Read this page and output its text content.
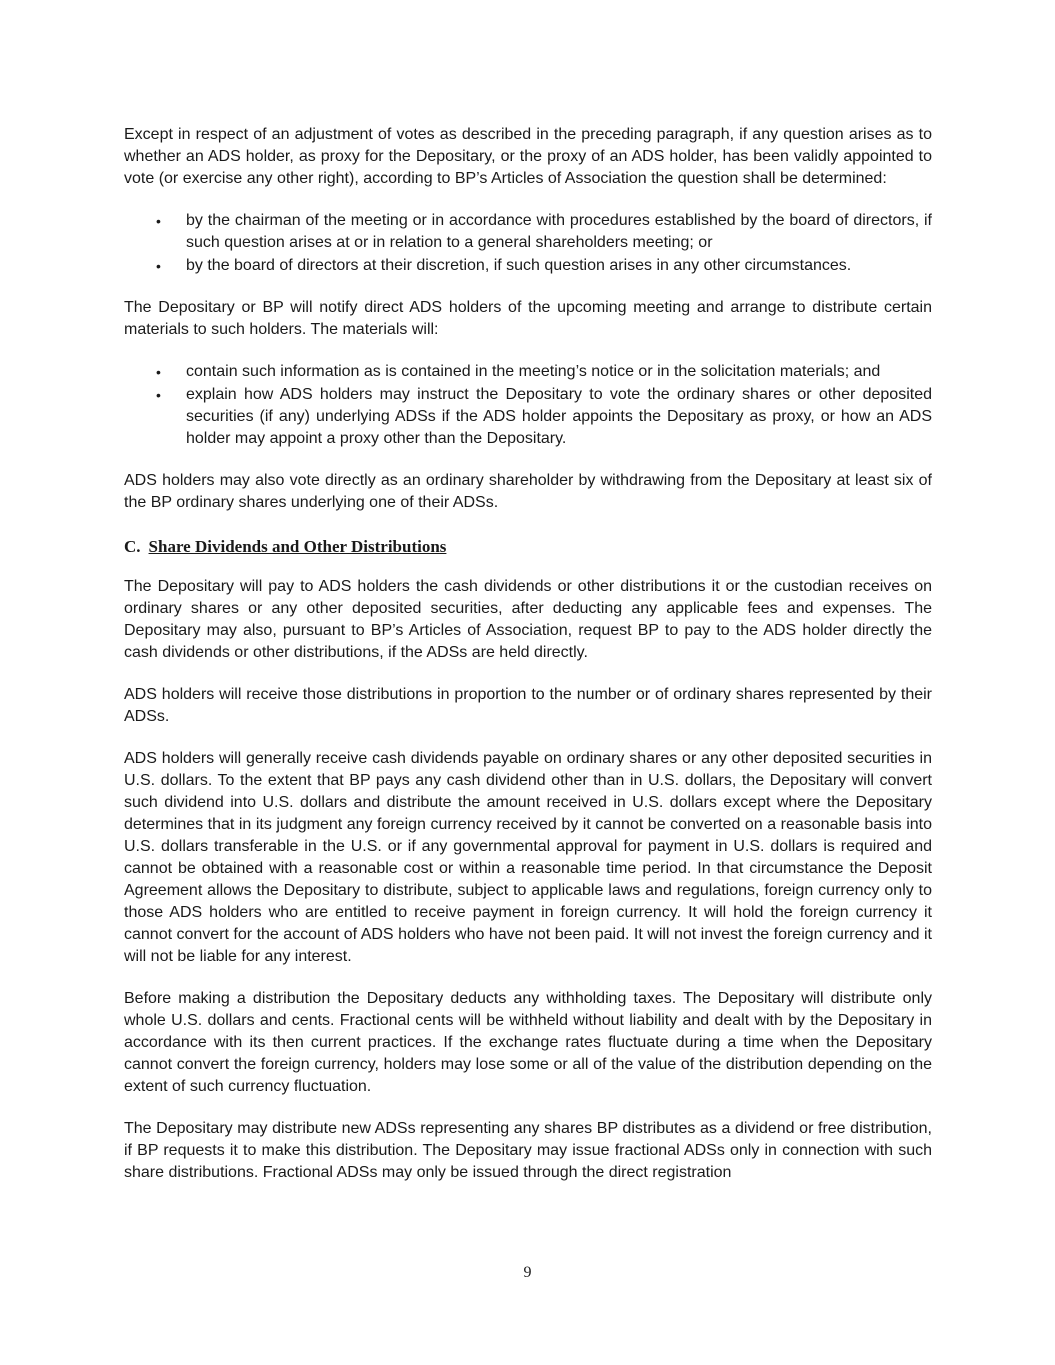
Except in respect of an adjustment of votes as described in the preceding paragraph, if any question arises as to whether an ADS holder, as proxy for the Depositary, or the proxy of an ADS holder, has been validly appointed to vote (or exercise any other right), according to BP’s Articles of Association the question shall be determined:

• by the chairman of the meeting or in accordance with procedures established by the board of directors, if such question arises at or in relation to a general shareholders meeting; or
• by the board of directors at their discretion, if such question arises in any other circumstances.

The Depositary or BP will notify direct ADS holders of the upcoming meeting and arrange to distribute certain materials to such holders. The materials will:

• contain such information as is contained in the meeting’s notice or in the solicitation materials; and
• explain how ADS holders may instruct the Depositary to vote the ordinary shares or other deposited securities (if any) underlying ADSs if the ADS holder appoints the Depositary as proxy, or how an ADS holder may appoint a proxy other than the Depositary.

ADS holders may also vote directly as an ordinary shareholder by withdrawing from the Depositary at least six of the BP ordinary shares underlying one of their ADSs.

C. Share Dividends and Other Distributions

The Depositary will pay to ADS holders the cash dividends or other distributions it or the custodian receives on ordinary shares or any other deposited securities, after deducting any applicable fees and expenses. The Depositary may also, pursuant to BP’s Articles of Association, request BP to pay to the ADS holder directly the cash dividends or other distributions, if the ADSs are held directly.

ADS holders will receive those distributions in proportion to the number or of ordinary shares represented by their ADSs.

ADS holders will generally receive cash dividends payable on ordinary shares or any other deposited securities in U.S. dollars. To the extent that BP pays any cash dividend other than in U.S. dollars, the Depositary will convert such dividend into U.S. dollars and distribute the amount received in U.S. dollars except where the Depositary determines that in its judgment any foreign currency received by it cannot be converted on a reasonable basis into U.S. dollars transferable in the U.S. or if any governmental approval for payment in U.S. dollars is required and cannot be obtained with a reasonable cost or within a reasonable time period. In that circumstance the Deposit Agreement allows the Depositary to distribute, subject to applicable laws and regulations, foreign currency only to those ADS holders who are entitled to receive payment in foreign currency. It will hold the foreign currency it cannot convert for the account of ADS holders who have not been paid. It will not invest the foreign currency and it will not be liable for any interest.

Before making a distribution the Depositary deducts any withholding taxes. The Depositary will distribute only whole U.S. dollars and cents. Fractional cents will be withheld without liability and dealt with by the Depositary in accordance with its then current practices. If the exchange rates fluctuate during a time when the Depositary cannot convert the foreign currency, holders may lose some or all of the value of the distribution depending on the extent of such currency fluctuation.

The Depositary may distribute new ADSs representing any shares BP distributes as a dividend or free distribution, if BP requests it to make this distribution. The Depositary may issue fractional ADSs only in connection with such share distributions. Fractional ADSs may only be issued through the direct registration

9
